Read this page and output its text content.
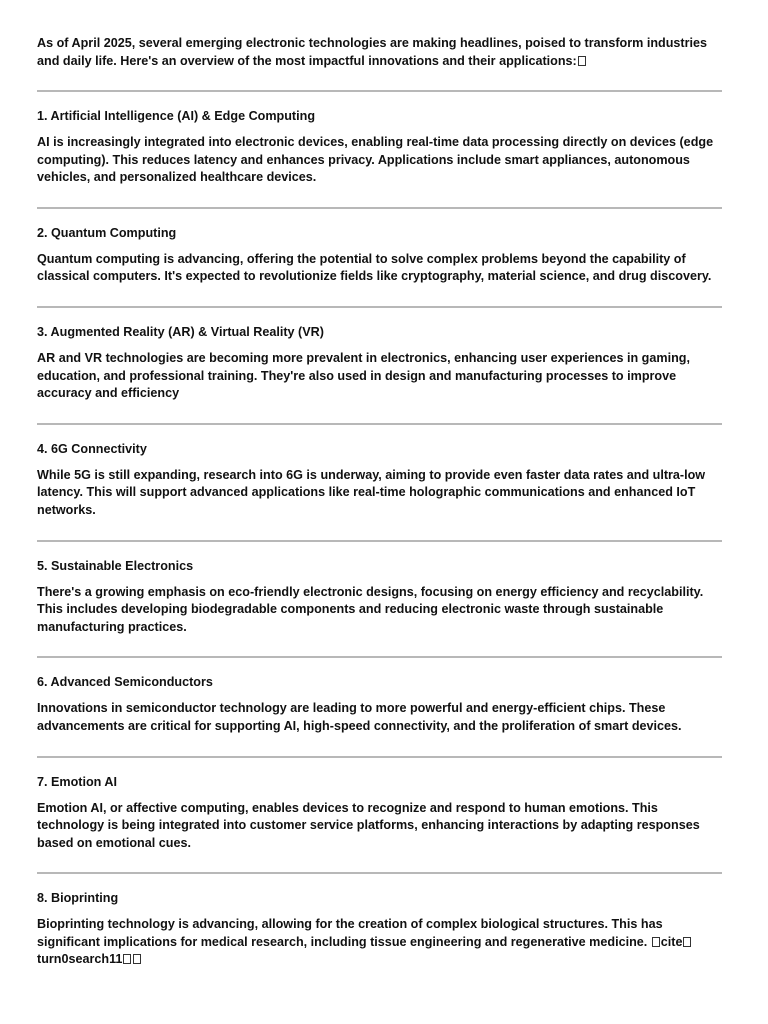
As of April 2025, several emerging electronic technologies are making headlines, poised to transform industries and daily life. Here's an overview of the most impactful innovations and their applications:

1. Artificial Intelligence (AI) & Edge Computing

AI is increasingly integrated into electronic devices, enabling real-time data processing directly on devices (edge computing). This reduces latency and enhances privacy. Applications include smart appliances, autonomous vehicles, and personalized healthcare devices.

2. Quantum Computing

Quantum computing is advancing, offering the potential to solve complex problems beyond the capability of classical computers. It's expected to revolutionize fields like cryptography, material science, and drug discovery.

3. Augmented Reality (AR) & Virtual Reality (VR)

AR and VR technologies are becoming more prevalent in electronics, enhancing user experiences in gaming, education, and professional training. They're also used in design and manufacturing processes to improve accuracy and efficiency

4. 6G Connectivity

While 5G is still expanding, research into 6G is underway, aiming to provide even faster data rates and ultra-low latency. This will support advanced applications like real-time holographic communications and enhanced IoT networks.

5. Sustainable Electronics

There's a growing emphasis on eco-friendly electronic designs, focusing on energy efficiency and recyclability. This includes developing biodegradable components and reducing electronic waste through sustainable manufacturing practices.

6. Advanced Semiconductors

Innovations in semiconductor technology are leading to more powerful and energy-efficient chips. These advancements are critical for supporting AI, high-speed connectivity, and the proliferation of smart devices.

7. Emotion AI

Emotion AI, or affective computing, enables devices to recognize and respond to human emotions. This technology is being integrated into customer service platforms, enhancing interactions by adapting responses based on emotional cues.

8. Bioprinting

Bioprinting technology is advancing, allowing for the creation of complex biological structures. This has significant implications for medical research, including tissue engineering and regenerative medicine. citeturn0search11
